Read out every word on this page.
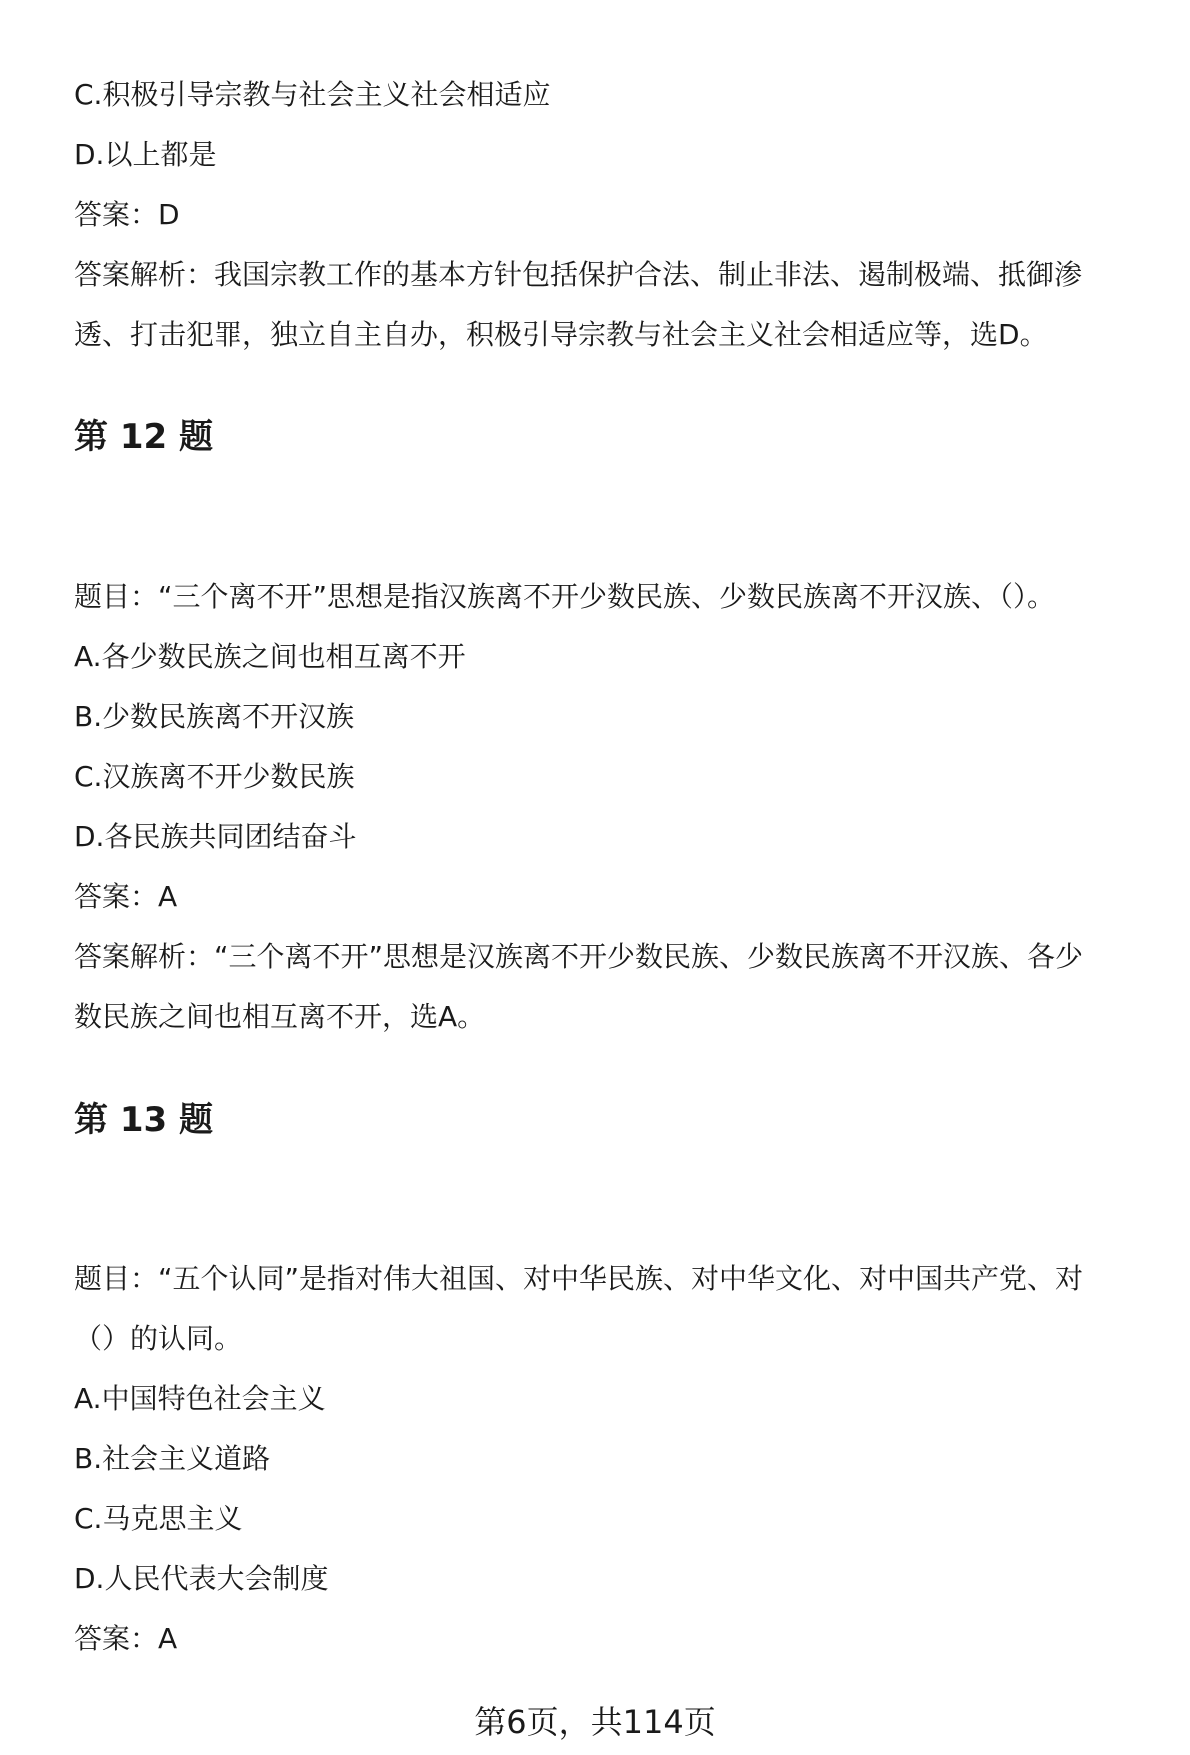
C.积极引导宗教与社会主义社会相适应

D.以上都是

答案：D

答案解析：我国宗教工作的基本方针包括保护合法、制止非法、遏制极端、抵御渗

透、打击犯罪，独立自主自办，积极引导宗教与社会主义社会相适应等，选D。

第 12 题

题目：“三个离不开”思想是指汉族离不开少数民族、少数民族离不开汉族、（）。

A.各少数民族之间也相互离不开

B.少数民族离不开汉族

C.汉族离不开少数民族

D.各民族共同团结奋斗

答案：A

答案解析：“三个离不开”思想是汉族离不开少数民族、少数民族离不开汉族、各少

数民族之间也相互离不开，选A。

第 13 题

题目：“五个认同”是指对伟大祖国、对中华民族、对中华文化、对中国共产党、对

（）的认同。

A.中国特色社会主义

B.社会主义道路

C.马克思主义

D.人民代表大会制度

答案：A

第6页，共114页
